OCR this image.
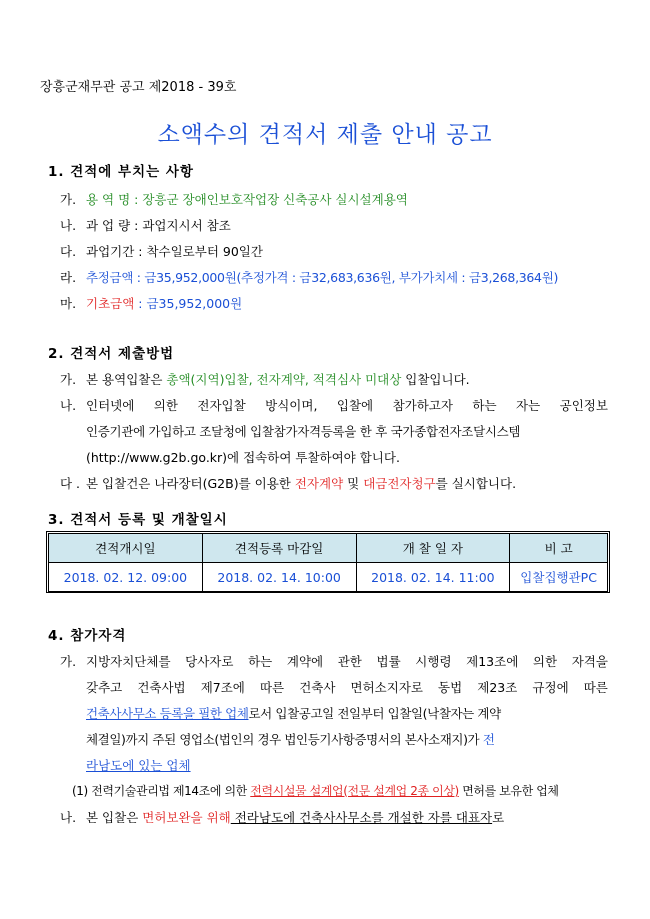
장흥군재무관 공고 제2018 - 39호
소액수의 견적서 제출 안내 공고
1. 견적에 부치는 사항
가. 용 역 명 : 장흥군 장애인보호작업장 신축공사 실시설계용역
나. 과 업 량 : 과업지시서 참조
다. 과업기간 : 착수일로부터 90일간
라. 추정금액 : 금35,952,000원(추정가격 : 금32,683,636원, 부가가치세 : 금3,268,364원)
마. 기초금액 : 금35,952,000원
2. 견적서 제출방법
가. 본 용역입찰은 총액(지역)입찰, 전자계약, 적격심사 미대상 입찰입니다.
나. 인터넷에 의한 전자입찰 방식이며, 입찰에 참가하고자 하는 자는 공인정보
인증기관에 가입하고 조달청에 입찰참가자격등록을 한 후 국가종합전자조달시스템
(http://www.g2b.go.kr)에 접속하여 투찰하여야 합니다.
다 . 본 입찰건은 나라장터(G2B)를 이용한 전자계약 및 대금전자청구를 실시합니다.
3. 견적서 등록 및 개찰일시
견적개시일	견적등록 마감일	개 찰 일 자	비 고
2018. 02. 12. 09:00	2018. 02. 14. 10:00	2018. 02. 14. 11:00	입찰집행관PC
4. 참가자격
가. 지방자치단체를 당사자로 하는 계약에 관한 법률 시행령 제13조에 의한 자격을
갖추고 건축사법 제7조에 따른 건축사 면허소지자로 동법 제23조 규정에 따른
건축사사무소 등록을 필한 업체로서 입찰공고일 전일부터 입찰일(낙찰자는 계약
체결일)까지 주된 영업소(법인의 경우 법인등기사항증명서의 본사소재지)가 전
라남도에 있는 업체
(1) 전력기술관리법 제14조에 의한 전력시설물 설계업(전문 설계업 2종 이상) 면허를 보유한 업체
나. 본 입찰은 면허보완을 위해 전라남도에 건축사사무소를 개설한 자를 대표자로
